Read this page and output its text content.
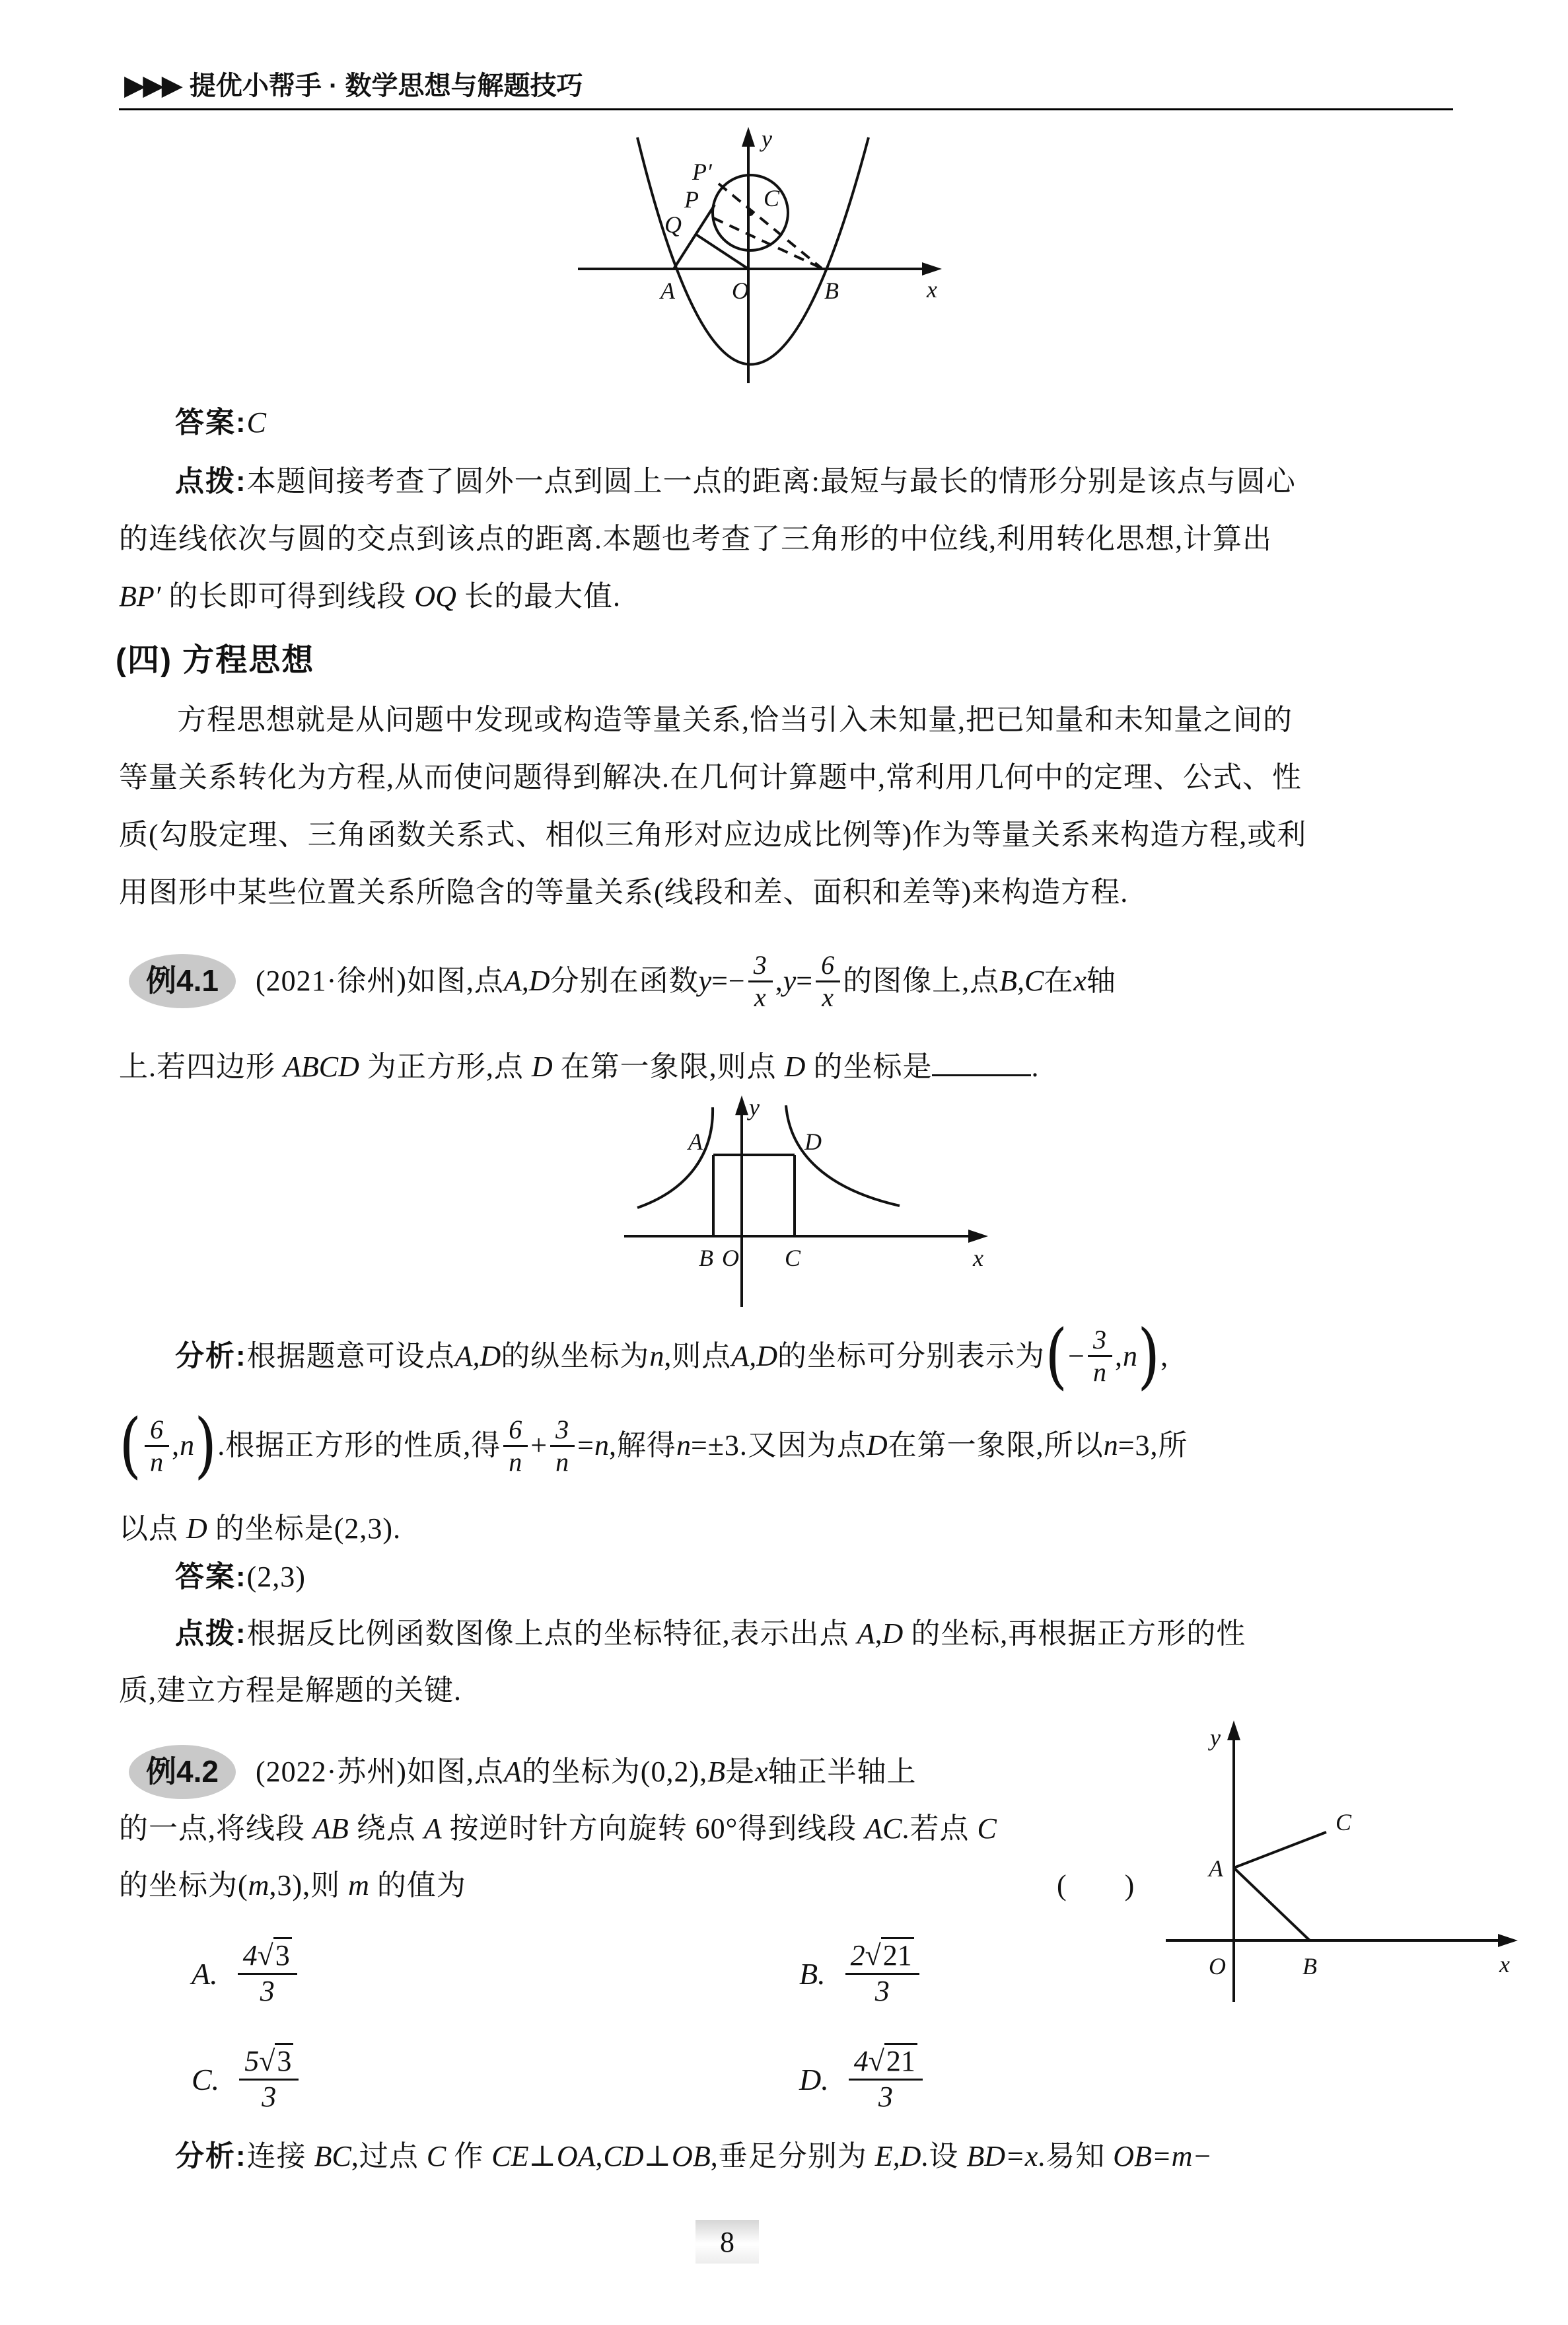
▶▶▶ 提优小帮手 · 数学思想与解题技巧
y
x
A O	B
C
P′
P
Q
答案:C
点拨:本题间接考查了圆外一点到圆上一点的距离:最短与最长的情形分别是该点与圆心
的连线依次与圆的交点到该点的距离.本题也考查了三角形的中位线,利用转化思想,计算出
BP′ 的长即可得到线段 OQ 长的最大值.
(四) 方程思想
方程思想就是从问题中发现或构造等量关系,恰当引入未知量,把已知量和未知量之间的
等量关系转化为方程,从而使问题得到解决.在几何计算题中,常利用几何中的定理、公式、性
质(勾股定理、三角函数关系式、相似三角形对应边成比例等)作为等量关系来构造方程,或利
用图形中某些位置关系所隐含的等量关系(线段和差、面积和差等)来构造方程.
例4.1	(2021·徐州)如图,点 A,D 分别在函数 $y =- \frac{3}{x}$ , $y = \frac{6}{x}$ 的图像上,点 B,C 在 x 轴
上.若四边形 ABCD 为正方形,点 D 在第一象限,则点 D 的坐标是	.
y
x
A	D
B O C
分析: 根据题意可设点 A,D 的纵坐标为 n ,则点 A,D 的坐标可分别表示为 ( − $\frac{3}{n}$ , n ) ,
( $\frac{6}{n}$ , n ) .根据正方形的性质,得 $\frac{6}{n} + \frac{3}{n} = n$ ,解得 n =±3.又因为点 D 在第一象限,所以 n =3,所
以点 D 的坐标是(2,3).
答案:(2,3)
点拨:根据反比例函数图像上点的坐标特征,表示出点 A,D 的坐标,再根据正方形的性
质,建立方程是解题的关键.
例4.2	(2022·苏州)如图,点 A 的坐标为(0,2), B 是 x 轴正半轴上
的一点,将线段 AB 绕点 A 按逆时针方向旋转 60°得到线段 AC.若点 C
的坐标为(m,3),则 m 的值为	(　　)
y
x
A
C
O	B
A. $\frac{4√3}{3}$	B. $\frac{2√21}{3}$
C. $\frac{5√3}{3}$	D. $\frac{4√21}{3}$
分析:连接 BC,过点 C 作 CE⊥OA,CD⊥OB,垂足分别为 E,D.设 BD=x.易知 OB=m−
8
